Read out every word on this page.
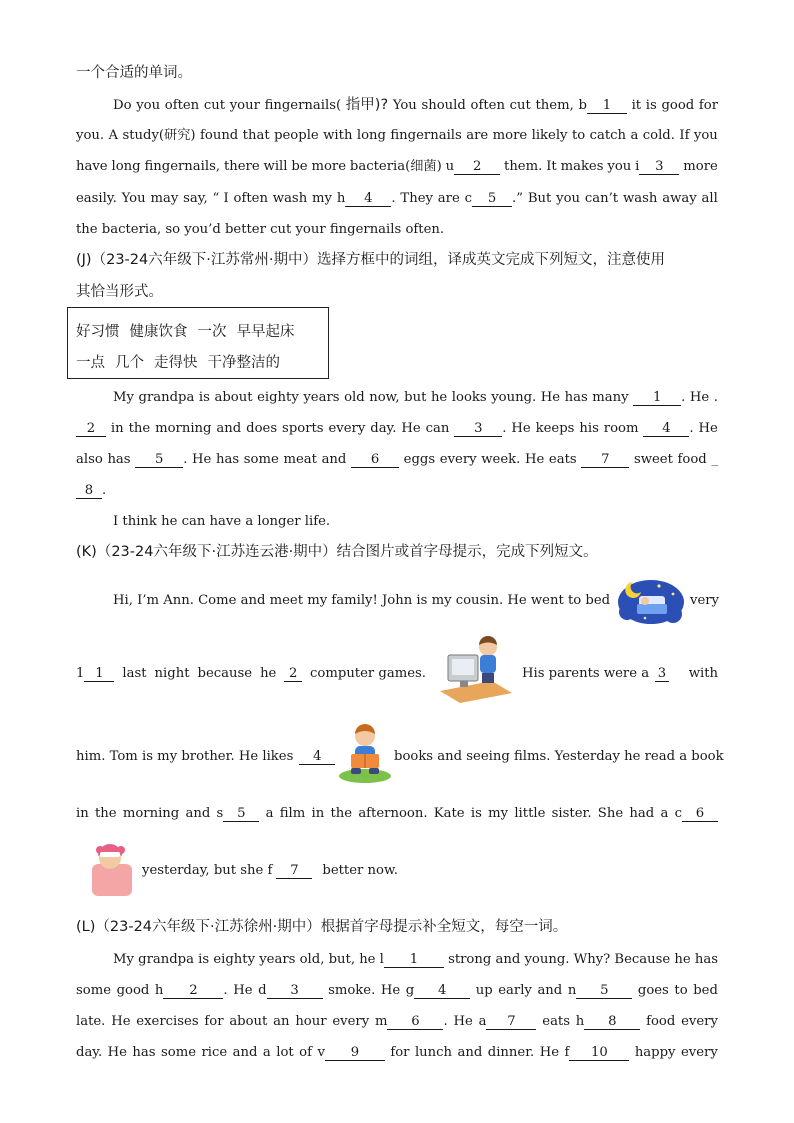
一个合适的单词。
Do you often cut your fingernails( 指甲)? You should often cut them, b 1	it is good for
you. A study(研究) found that people with long fingernails are more likely to catch a cold. If you
have long fingernails, there will be more bacteria(细菌) u 2	them. It makes you i 3	more
easily. You may say, “ I often wash my h 4 . They are c 5 .” But you can’t wash away all
the bacteria, so you’d better cut your fingernails often.
(J)（23-24六年级下·江苏常州·期中）选择方框中的词组，译成英文完成下列短文，注意使用
其恰当形式。
好习惯 健康饮食 一次 早早起床
一点 几个 走得快 干净整洁的
My grandpa is about eighty years old now, but he looks young. He has many	1 . He .
2	in the morning and does sports every day. He can	3 . He keeps his room	4 . He
also has	5 . He has some meat and	6	eggs every week. He eats	7	sweet food _
8 .
I think he can have a longer life.
(K)（23-24六年级下·江苏连云港·期中）结合图片或首字母提示，完成下列短文。
Hi, I’m Ann. Come and meet my family! John is my cousin. He went to bed	very
1 1	last night because he 2 computer games.	His parents were a 3 with
him. Tom is my brother. He likes	4	books and seeing films. Yesterday he read a book
in the morning and s 5	a film in the afternoon. Kate is my little sister. She had a c 6
yesterday, but she f	7	better now.
(L)（23-24六年级下·江苏徐州·期中）根据首字母提示补全短文，每空一词。
My grandpa is eighty years old, but, he l 1	strong and young. Why? Because he has
some good h 2 . He d 3	smoke. He g 4	up early and n 5	goes to bed
late. He exercises for about an hour every m 6 . He a 7	eats h 8	food every
day. He has some rice and a lot of v 9	for lunch and dinner. He f 10	happy every
